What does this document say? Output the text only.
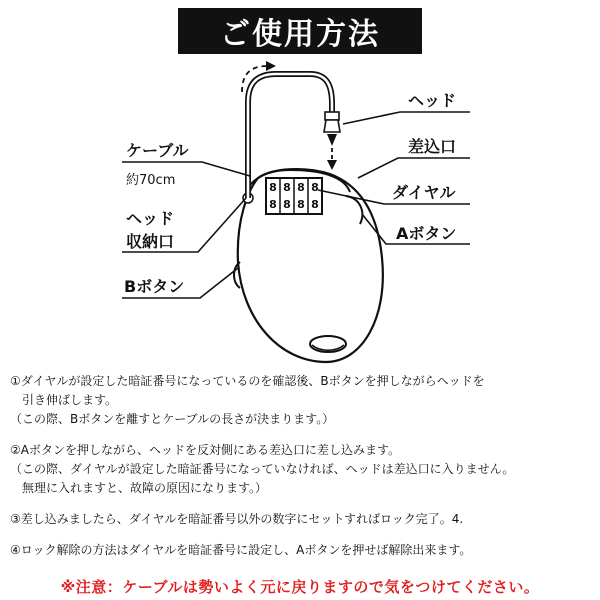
ご使用方法
8 8 8 8
8 8 8 8
ヘッド
差込口
ダイヤル
Aボタン
ケーブル
約70cm
ヘッド
収納口
Bボタン

①ダイヤルが設定した暗証番号になっているのを確認後、Bボタンを押しながらヘッドを

引き伸ばします。

（この際、Bボタンを離すとケーブルの長さが決まります。）

②Aボタンを押しながら、ヘッドを反対側にある差込口に差し込みます。

（この際、ダイヤルが設定した暗証番号になっていなければ、ヘッドは差込口に入りません。

無理に入れますと、故障の原因になります。）

③差し込みましたら、ダイヤルを暗証番号以外の数字にセットすればロック完了。4.

④ロック解除の方法はダイヤルを暗証番号に設定し、Aボタンを押せば解除出来ます。

※注意：ケーブルは勢いよく元に戻りますので気をつけてください。
